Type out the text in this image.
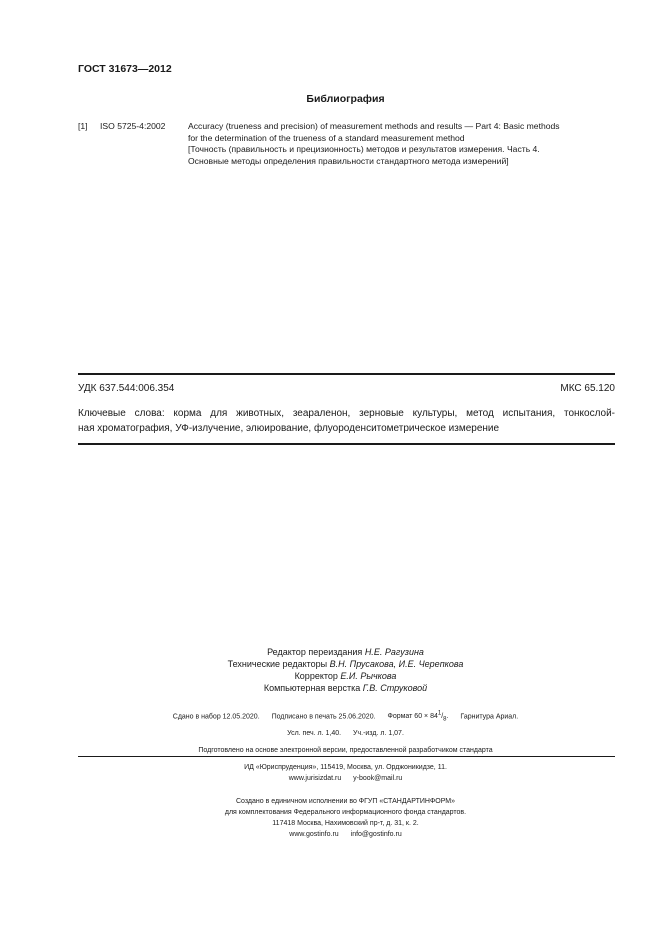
ГОСТ 31673—2012
Библиография
[1] ISO 5725-4:2002	Accuracy (trueness and precision) of measurement methods and results — Part 4: Basic methods
for the determination of the trueness of a standard measurement method
[Точность (правильность и прецизионность) методов и результатов измерения. Часть 4.
Основные методы определения правильности стандартного метода измерений]
УДК 637.544:006.354	МКС 65.120
Ключевые слова: корма для животных, зеараленон, зерновые культуры, метод испытания, тонкослой-
ная хроматография, УФ-излучение, элюирование, флуороденситометрическое измерение
Редактор переиздания Н.Е. Рагузина
Технические редакторы В.Н. Прусакова, И.Е. Черепкова
Корректор Е.И. Рычкова
Компьютерная верстка Г.В. Струковой
Сдано в набор 12.05.2020. Подписано в печать 25.06.2020. Формат $60 \times 84^1/_8$. Гарнитура Ариал.
Усл. печ. л. 1,40. Уч.-изд. л. 1,07.
Подготовлено на основе электронной версии, предоставленной разработчиком стандарта
ИД «Юриспруденция», 115419, Москва, ул. Орджоникидзе, 11.
www.jurisizdat.ru y-book@mail.ru
Создано в единичном исполнении во ФГУП «СТАНДАРТИНФОРМ»
для комплектования Федерального информационного фонда стандартов.
117418 Москва, Нахимовский пр-т, д. 31, к. 2.
www.gostinfo.ru info@gostinfo.ru
